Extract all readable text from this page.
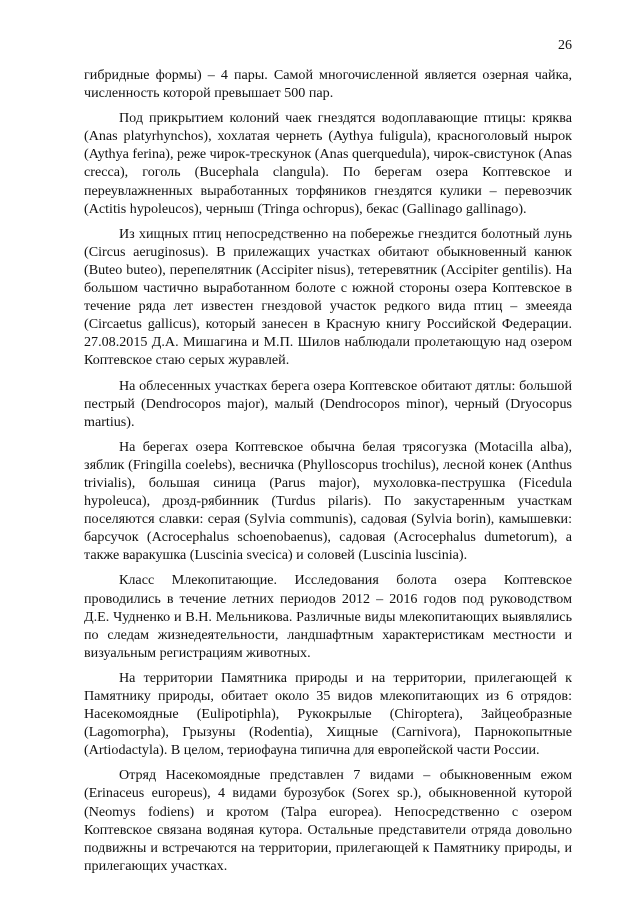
26

гибридные формы) – 4 пары. Самой многочисленной является озерная чайка, численность которой превышает 500 пар.

Под прикрытием колоний чаек гнездятся водоплавающие птицы: кряква (Anas platyrhynchos), хохлатая чернеть (Aythya fuligula), красноголовый нырок (Aythya ferina), реже чирок-трескунок (Anas querquedula), чирок-свистунок (Anas crecca), гоголь (Bucephala clangula). По берегам озера Коптевское и переувлажненных выработанных торфяников гнездятся кулики – перевозчик (Actitis hypoleucos), черныш (Tringa ochropus), бекас (Gallinago gallinago).

Из хищных птиц непосредственно на побережье гнездится болотный лунь (Circus aeruginosus). В прилежащих участках обитают обыкновенный канюк (Buteo buteo), перепелятник (Accipiter nisus), тетеревятник (Accipiter gentilis). На большом частично выработанном болоте с южной стороны озера Коптевское в течение ряда лет известен гнездовой участок редкого вида птиц – змееяда (Circaetus gallicus), который занесен в Красную книгу Российской Федерации. 27.08.2015 Д.А. Мишагина и М.П. Шилов наблюдали пролетающую над озером Коптевское стаю серых журавлей.

На облесенных участках берега озера Коптевское обитают дятлы: большой пестрый (Dendrocopos major), малый (Dendrocopos minor), черный (Dryocopus martius).

На берегах озера Коптевское обычна белая трясогузка (Motacilla alba), зяблик (Fringilla coelebs), весничка (Phylloscopus trochilus), лесной конек (Anthus trivialis), большая синица (Parus major), мухоловка-пеструшка (Ficedula hypoleuca), дрозд-рябинник (Turdus pilaris). По закустаренным участкам поселяются славки: серая (Sylvia communis), садовая (Sylvia borin), камышевки: барсучок (Acrocephalus schoenobaenus), садовая (Acrocephalus dumetorum), а также варакушка (Luscinia svecica) и соловей (Luscinia luscinia).

Класс Млекопитающие. Исследования болота озера Коптевское проводились в течение летних периодов 2012 – 2016 годов под руководством Д.Е. Чудненко и В.Н. Мельникова. Различные виды млекопитающих выявлялись по следам жизнедеятельности, ландшафтным характеристикам местности и визуальным регистрациям животных.

На территории Памятника природы и на территории, прилегающей к Памятнику природы, обитает около 35 видов млекопитающих из 6 отрядов: Насекомоядные (Eulipotiphla), Рукокрылые (Chiroptera), Зайцеобразные (Lagomorpha), Грызуны (Rodentia), Хищные (Carnivora), Парнокопытные (Artiodactyla). В целом, териофауна типична для европейской части России.

Отряд Насекомоядные представлен 7 видами – обыкновенным ежом (Erinaceus europeus), 4 видами бурозубок (Sorex sp.), обыкновенной куторой (Neomys fodiens) и кротом (Talpa europea). Непосредственно с озером Коптевское связана водяная кутора. Остальные представители отряда довольно подвижны и встречаются на территории, прилегающей к Памятнику природы, и прилегающих участках.
